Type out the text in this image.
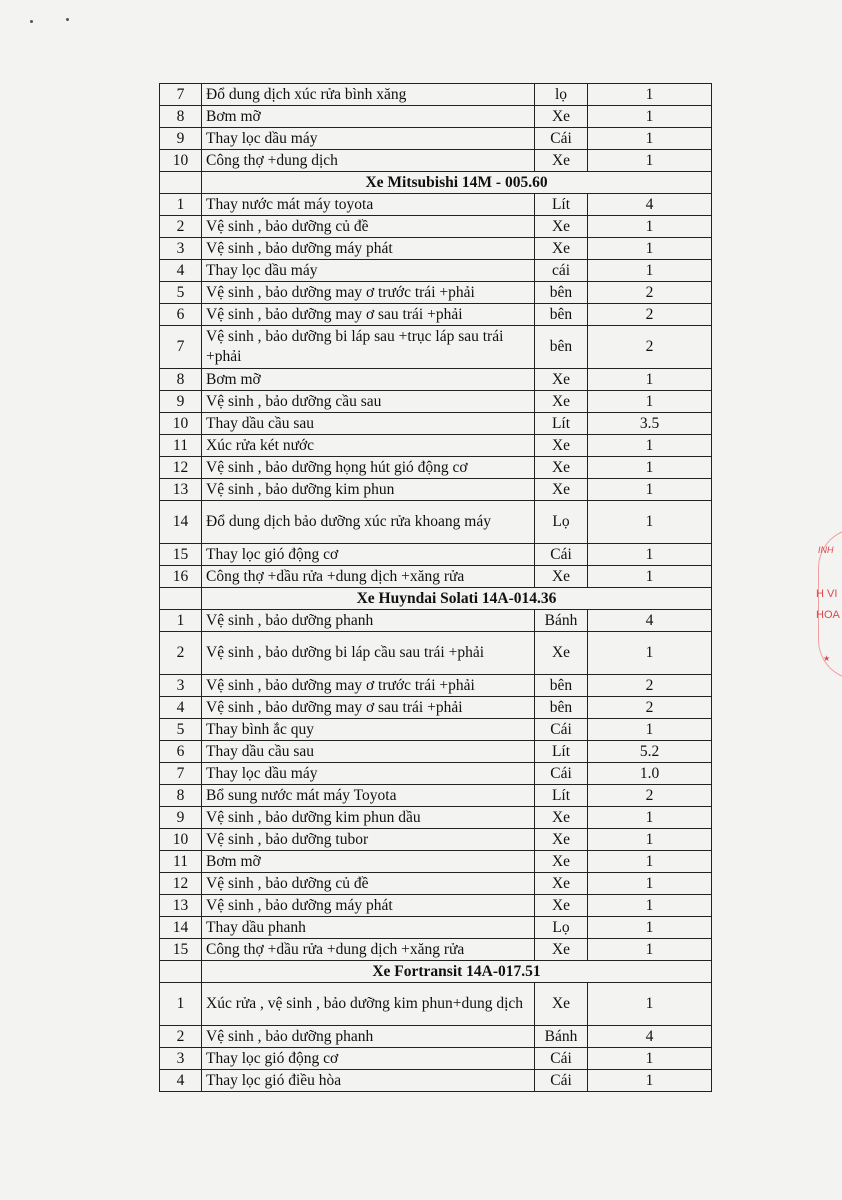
7	Đổ dung dịch xúc rửa bình xăng	lọ	1
8	Bơm mỡ	Xe	1
9	Thay lọc dầu máy	Cái	1
10	Công thợ +dung dịch	Xe	1
	Xe Mitsubishi 14M - 005.60		
1	Thay nước mát máy toyota	Lít	4
2	Vệ sinh , bảo dưỡng củ đề	Xe	1
3	Vệ sinh , bảo dưỡng máy phát	Xe	1
4	Thay lọc dầu máy	cái	1
5	Vệ sinh , bảo dưỡng may ơ trước trái +phải	bên	2
6	Vệ sinh , bảo dưỡng may ơ sau trái +phải	bên	2
7	Vệ sinh , bảo dưỡng bi láp sau +trục láp sau trái +phải	bên	2
8	Bơm mỡ	Xe	1
9	Vệ sinh , bảo dưỡng cầu sau	Xe	1
10	Thay dầu cầu sau	Lít	3.5
11	Xúc rửa két nước	Xe	1
12	Vệ sinh , bảo dưỡng họng hút gió động cơ	Xe	1
13	Vệ sinh , bảo dưỡng kim phun	Xe	1
14	Đổ dung dịch bảo dưỡng xúc rửa khoang máy	Lọ	1
15	Thay lọc gió động cơ	Cái	1
16	Công thợ +dầu rửa +dung dịch +xăng rửa	Xe	1
	Xe Huyndai Solati 14A-014.36		
1	Vệ sinh , bảo dưỡng phanh	Bánh	4
2	Vệ sinh , bảo dưỡng bi láp cầu sau trái +phải	Xe	1
3	Vệ sinh , bảo dưỡng may ơ trước trái +phải	bên	2
4	Vệ sinh , bảo dưỡng may ơ sau trái +phải	bên	2
5	Thay bình ắc quy	Cái	1
6	Thay dầu cầu sau	Lít	5.2
7	Thay lọc dầu máy	Cái	1.0
8	Bổ sung nước mát máy Toyota	Lít	2
9	Vệ sinh , bảo dưỡng kim phun dầu	Xe	1
10	Vệ sinh , bảo dưỡng tubor	Xe	1
11	Bơm mỡ	Xe	1
12	Vệ sinh , bảo dưỡng củ đề	Xe	1
13	Vệ sinh , bảo dưỡng máy phát	Xe	1
14	Thay dầu phanh	Lọ	1
15	Công thợ +dầu rửa +dung dịch +xăng rửa	Xe	1
	Xe Fortransit 14A-017.51		
1	Xúc rửa , vệ sinh , bảo dưỡng kim phun+dung dịch	Xe	1
2	Vệ sinh , bảo dưỡng phanh	Bánh	4
3	Thay lọc gió động cơ	Cái	1
4	Thay lọc gió điều hòa	Cái	1
INH
H VI
HOA
★
